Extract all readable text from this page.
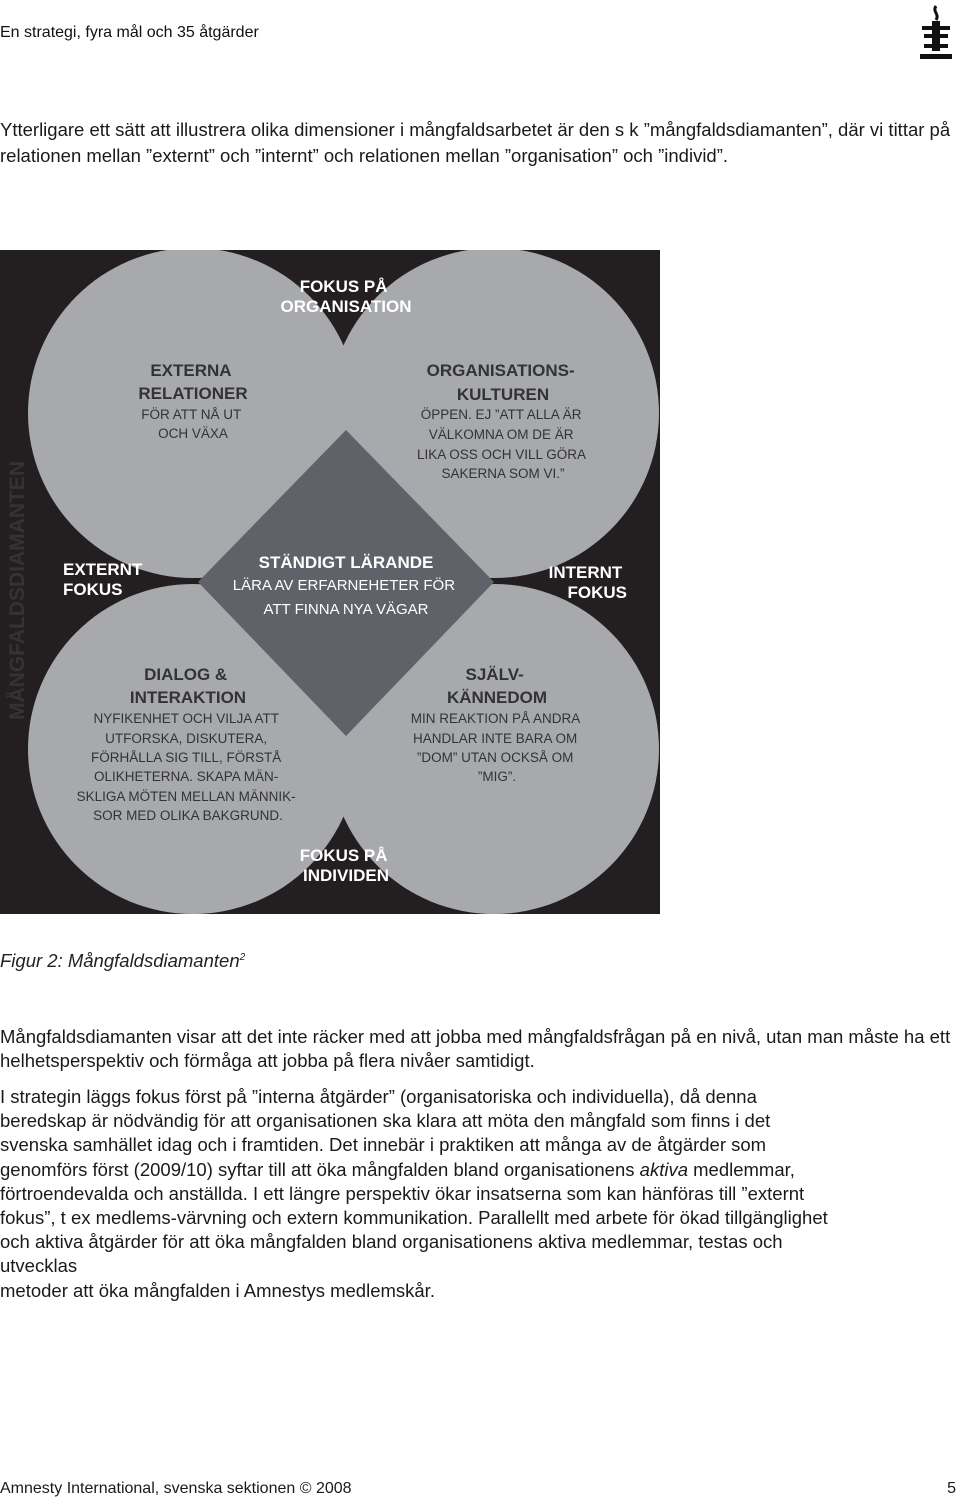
En strategi, fyra mål och 35 åtgärder
Ytterligare ett sätt att illustrera olika dimensioner i mångfaldsarbetet är den s k ”mångfaldsdiamanten”, där vi tittar på relationen mellan ”externt” och ”internt” och relationen mellan ”organisation” och ”individ”.
MÅNGFALDSDIAMANTEN
FOKUS PÅ ORGANISATION
FOKUS PÅ INDIVIDEN
EXTERNT FOKUS
INTERNT FOKUS
EXTERNA RELATIONER
FÖR ATT NÅ UT OCH VÄXA
ORGANISATIONS- KULTUREN
ÖPPEN. EJ ”ATT ALLA ÄR VÄLKOMNA OM DE ÄR LIKA OSS OCH VILL GÖRA SAKERNA SOM VI.”
DIALOG & INTERAKTION
NYFIKENHET OCH VILJA ATT UTFORSKA, DISKUTERA, FÖRHÅLLA SIG TILL, FÖRSTÅ OLIKHETERNA. SKAPA MÄN- SKLIGA MÖTEN MELLAN MÄNNIK- SOR MED OLIKA BAKGRUND.
SJÄLV- KÄNNEDOM
MIN REAKTION PÅ ANDRA HANDLAR INTE BARA OM ”DOM” UTAN OCKSÅ OM ”MIG”.
STÄNDIGT LÄRANDE
LÄRA AV ERFARNEHETER FÖR ATT FINNA NYA VÄGAR
Figur 2: Mångfaldsdiamanten$^2$
Mångfaldsdiamanten visar att det inte räcker med att jobba med mångfaldsfrågan på en nivå, utan man måste ha ett helhetsperspektiv och förmåga att jobba på flera nivåer samtidigt.
I strategin läggs fokus först på ”interna åtgärder” (organisatoriska och individuella), då denna
beredskap är nödvändig för att organisationen ska klara att möta den mångfald som finns i det
svenska samhället idag och i framtiden. Det innebär i praktiken att många av de åtgärder som
genomförs först (2009/10) syftar till att öka mångfalden bland organisationens aktiva medlemmar,
förtroendevalda och anställda. I ett längre perspektiv ökar insatserna som kan hänföras till ”externt
fokus”, t ex medlems-värvning och extern kommunikation. Parallellt med arbete för ökad tillgänglighet
och aktiva åtgärder för att öka mångfalden bland organisationens aktiva medlemmar, testas och
utvecklas
metoder att öka mångfalden i Amnestys medlemskår.
Amnesty International, svenska sektionen © 2008	5
